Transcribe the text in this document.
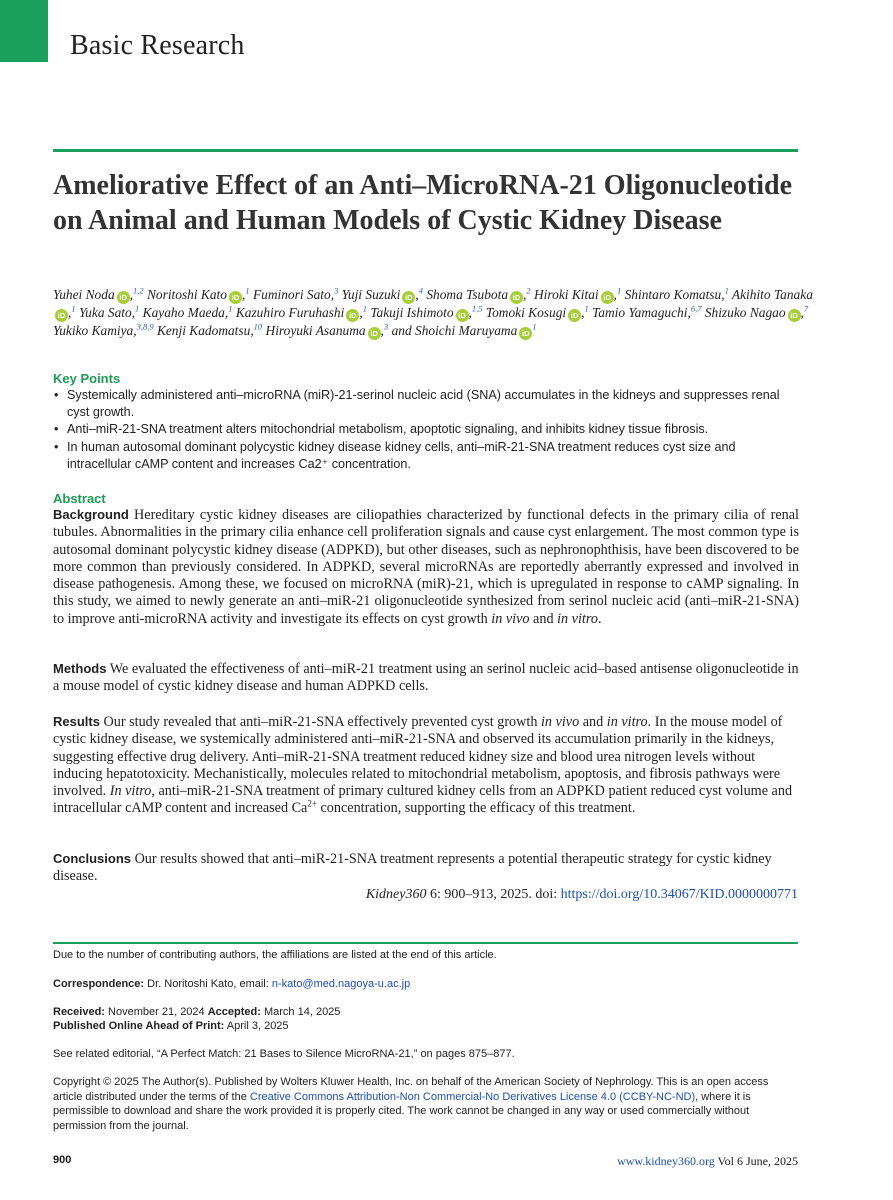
Basic Research
Ameliorative Effect of an Anti–MicroRNA-21 Oligonucleotide on Animal and Human Models of Cystic Kidney Disease
Yuhei Noda iD ,$^{1,2}$ Noritoshi Kato iD ,$^1$ Fuminori Sato,$^3$ Yuji Suzuki iD ,$^4$ Shoma Tsubota iD ,$^2$ Hiroki Kitai iD ,$^1$ Shintaro Komatsu,$^1$ Akihito TanakaiD ,$^1$ Yuka Sato,$^1$ Kayaho Maeda,$^1$ Kazuhiro Furuhashi iD ,$^1$ Takuji Ishimoto iD ,$^{1,5}$ Tomoki Kosugi iD ,$^1$ Tamio Yamaguchi,$^{6,7}$ Shizuko Nagao iD ,$^7$ Yukiko Kamiya,$^{3,8,9}$ Kenji Kadomatsu,$^{10}$ Hiroyuki Asanuma iD ,$^3$ and Shoichi Maruyama $iD^1$
Key Points
• Systemically administered anti–microRNA (miR)-21-serinol nucleic acid (SNA) accumulates in the kidneys and suppresses renal cyst growth.
• Anti–miR-21-SNA treatment alters mitochondrial metabolism, apoptotic signaling, and inhibits kidney tissue fibrosis.
• In human autosomal dominant polycystic kidney disease kidney cells, anti–miR-21-SNA treatment reduces cyst size and intracellular cAMP content and increases Ca2⁺ concentration.
Abstract
Background Hereditary cystic kidney diseases are ciliopathies characterized by functional defects in the primary cilia of renal tubules. Abnormalities in the primary cilia enhance cell proliferation signals and cause cyst enlargement. The most common type is autosomal dominant polycystic kidney disease (ADPKD), but other diseases, such as nephronophthisis, have been discovered to be more common than previously considered. In ADPKD, several microRNAs are reportedly aberrantly expressed and involved in disease pathogenesis. Among these, we focused on microRNA (miR)-21, which is upregulated in response to cAMP signaling. In this study, we aimed to newly generate an anti–miR-21 oligonucleotide synthesized from serinol nucleic acid (anti–miR-21-SNA) to improve anti-microRNA activity and investigate its effects on cyst growth in vivo and in vitro.
Methods We evaluated the effectiveness of anti–miR-21 treatment using an serinol nucleic acid–based antisense oligonucleotide in a mouse model of cystic kidney disease and human ADPKD cells.
Results Our study revealed that anti–miR-21-SNA effectively prevented cyst growth in vivo and in vitro. In the mouse model of cystic kidney disease, we systemically administered anti–miR-21-SNA and observed its accumulation primarily in the kidneys, suggesting effective drug delivery. Anti–miR-21-SNA treatment reduced kidney size and blood urea nitrogen levels without inducing hepatotoxicity. Mechanistically, molecules related to mitochondrial metabolism, apoptosis, and fibrosis pathways were involved. In vitro, anti–miR-21-SNA treatment of primary cultured kidney cells from an ADPKD patient reduced cyst volume and intracellular cAMP content and increased $Ca^{2+}$ concentration, supporting the efficacy of this treatment.
Conclusions Our results showed that anti–miR-21-SNA treatment represents a potential therapeutic strategy for cystic kidney disease.
Kidney360 6: 900–913, 2025. doi: https://doi.org/10.34067/KID.0000000771
Due to the number of contributing authors, the affiliations are listed at the end of this article.
Correspondence: Dr. Noritoshi Kato, email: n-kato@med.nagoya-u.ac.jp
Received: November 21, 2024 Accepted: March 14, 2025
Published Online Ahead of Print: April 3, 2025
See related editorial, “A Perfect Match: 21 Bases to Silence MicroRNA-21,” on pages 875–877.
Copyright © 2025 The Author(s). Published by Wolters Kluwer Health, Inc. on behalf of the American Society of Nephrology. This is an open access article distributed under the terms of the Creative Commons Attribution-Non Commercial-No Derivatives License 4.0 (CCBY-NC-ND), where it is permissible to download and share the work provided it is properly cited. The work cannot be changed in any way or used commercially without permission from the journal.
900	www.kidney360.org Vol 6 June, 2025
